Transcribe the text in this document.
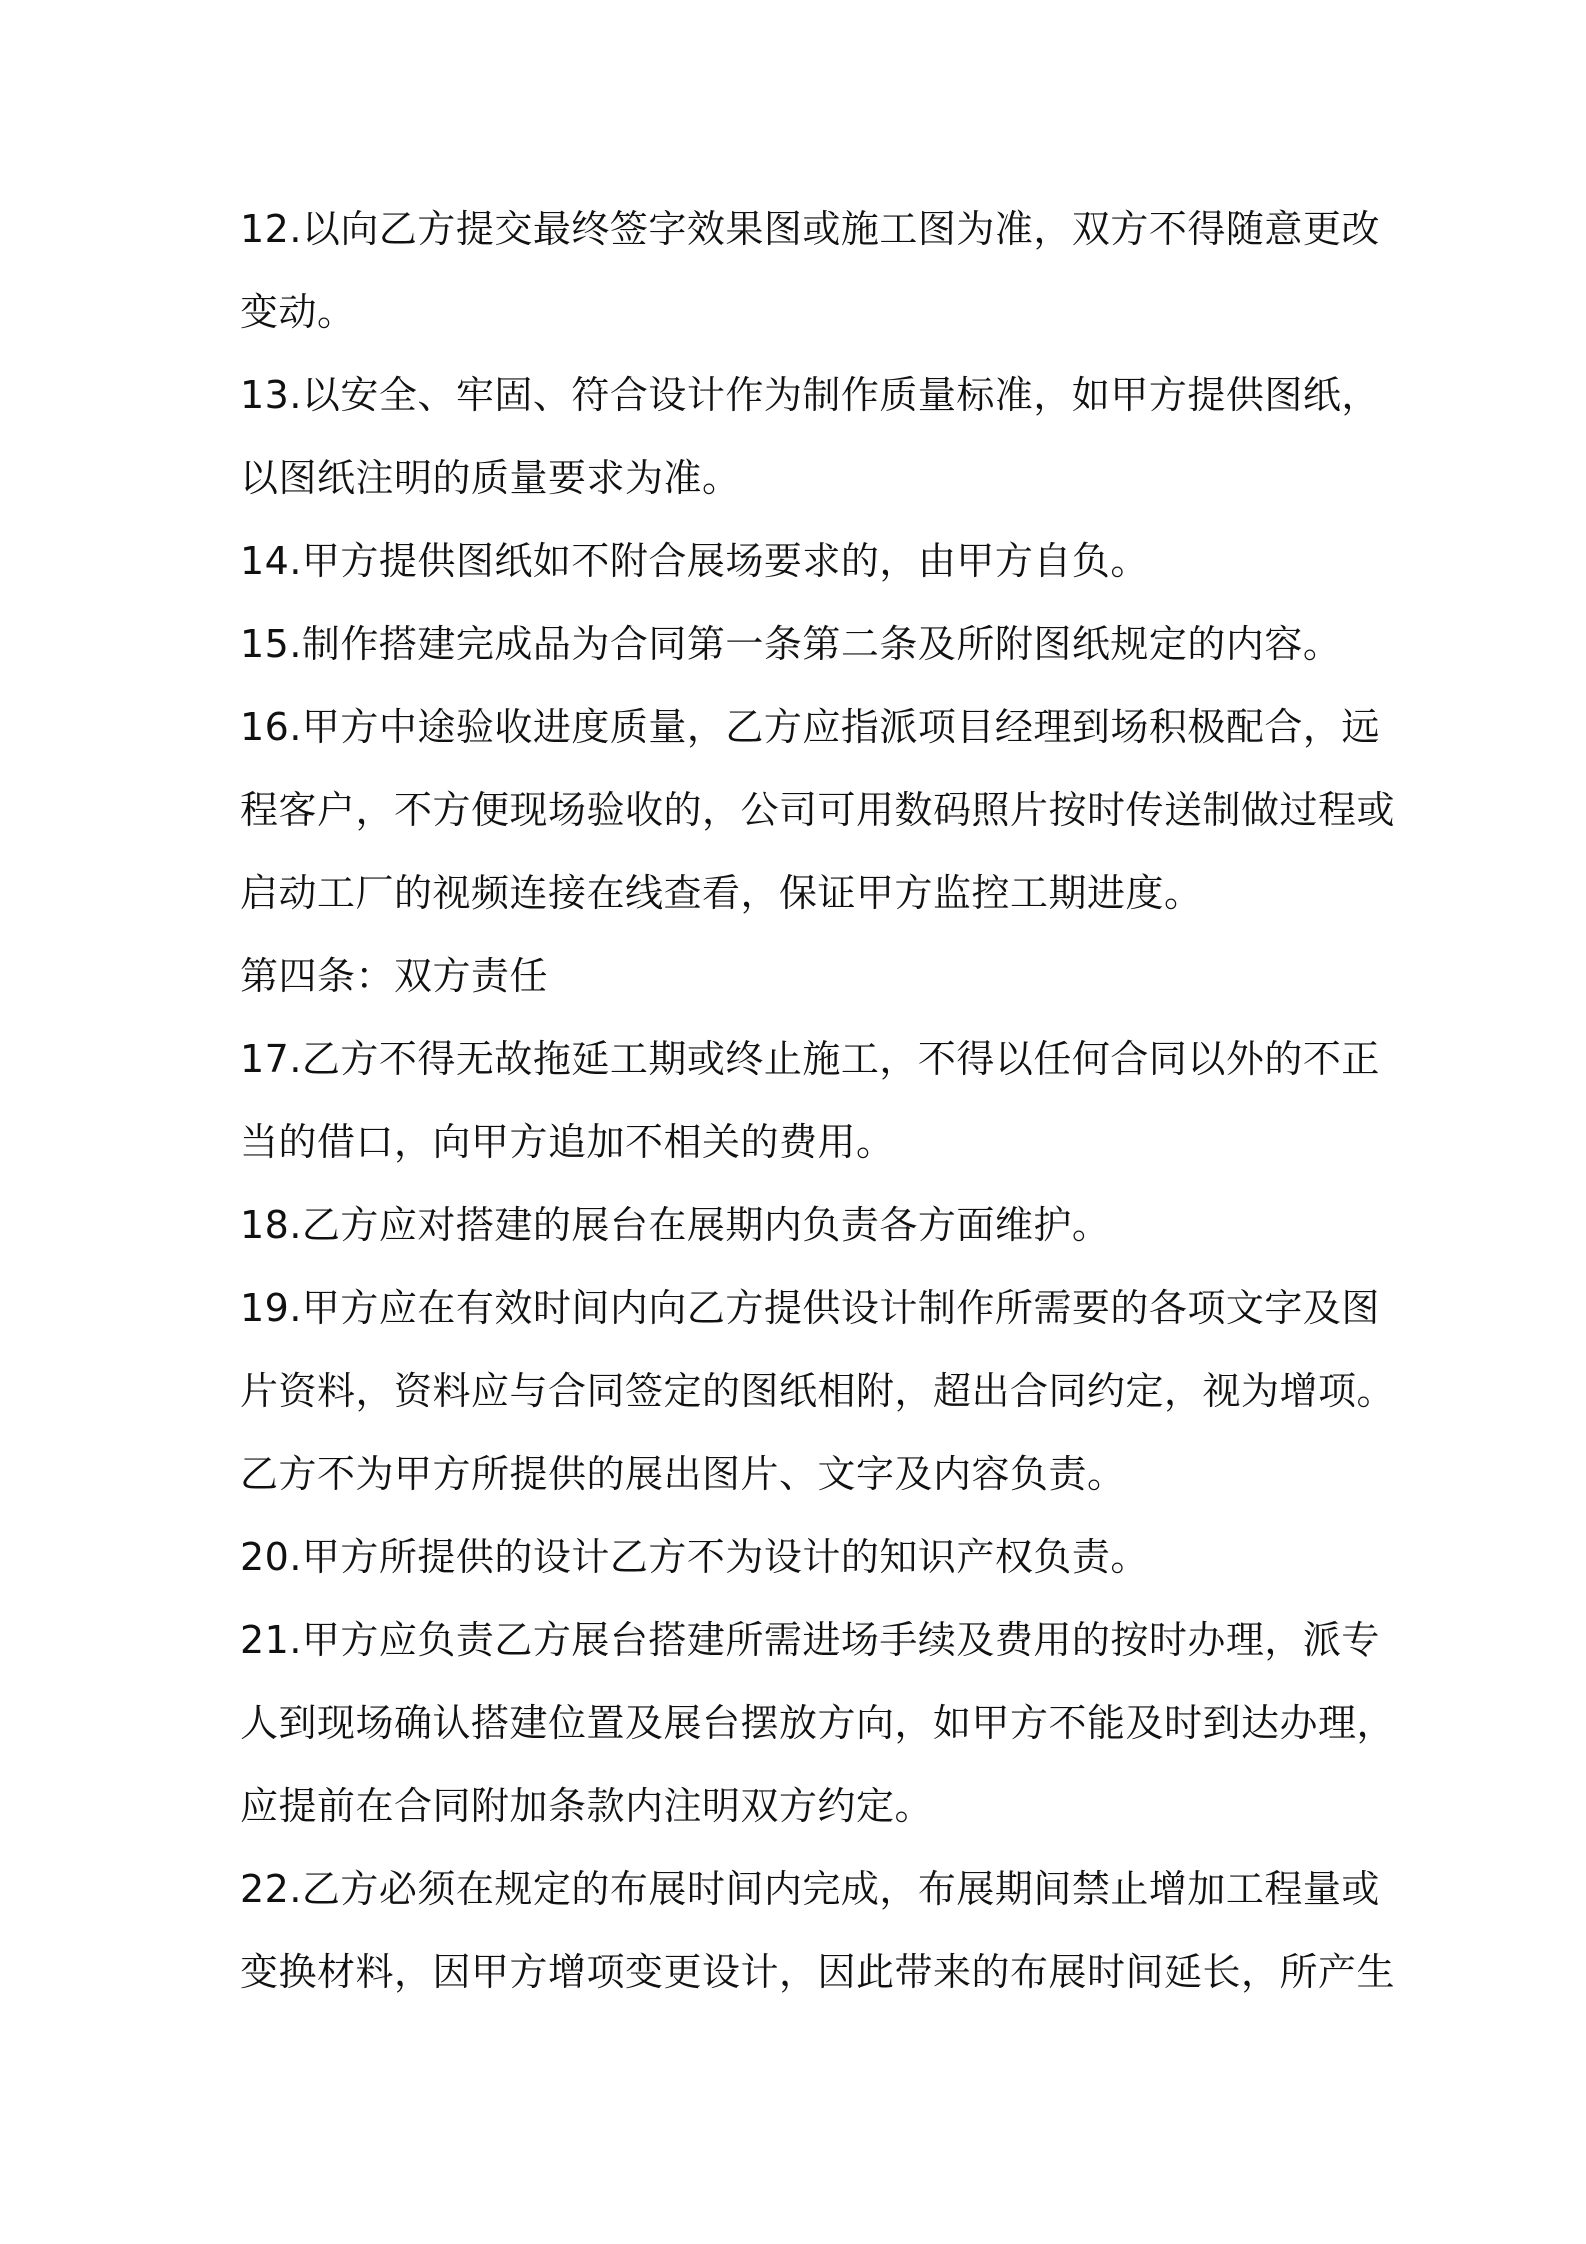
12.以向乙方提交最终签字效果图或施工图为准，双方不得随意更改
变动。

13.以安全、牢固、符合设计作为制作质量标准，如甲方提供图纸，
以图纸注明的质量要求为准。

14.甲方提供图纸如不附合展场要求的，由甲方自负。

15.制作搭建完成品为合同第一条第二条及所附图纸规定的内容。

16.甲方中途验收进度质量，乙方应指派项目经理到场积极配合，远
程客户，不方便现场验收的，公司可用数码照片按时传送制做过程或
启动工厂的视频连接在线查看，保证甲方监控工期进度。

第四条：双方责任

17.乙方不得无故拖延工期或终止施工，不得以任何合同以外的不正
当的借口，向甲方追加不相关的费用。

18.乙方应对搭建的展台在展期内负责各方面维护。

19.甲方应在有效时间内向乙方提供设计制作所需要的各项文字及图
片资料，资料应与合同签定的图纸相附，超出合同约定，视为增项。
乙方不为甲方所提供的展出图片、文字及内容负责。

20.甲方所提供的设计乙方不为设计的知识产权负责。

21.甲方应负责乙方展台搭建所需进场手续及费用的按时办理，派专
人到现场确认搭建位置及展台摆放方向，如甲方不能及时到达办理，
应提前在合同附加条款内注明双方约定。

22.乙方必须在规定的布展时间内完成，布展期间禁止增加工程量或
变换材料，因甲方增项变更设计，因此带来的布展时间延长，所产生
